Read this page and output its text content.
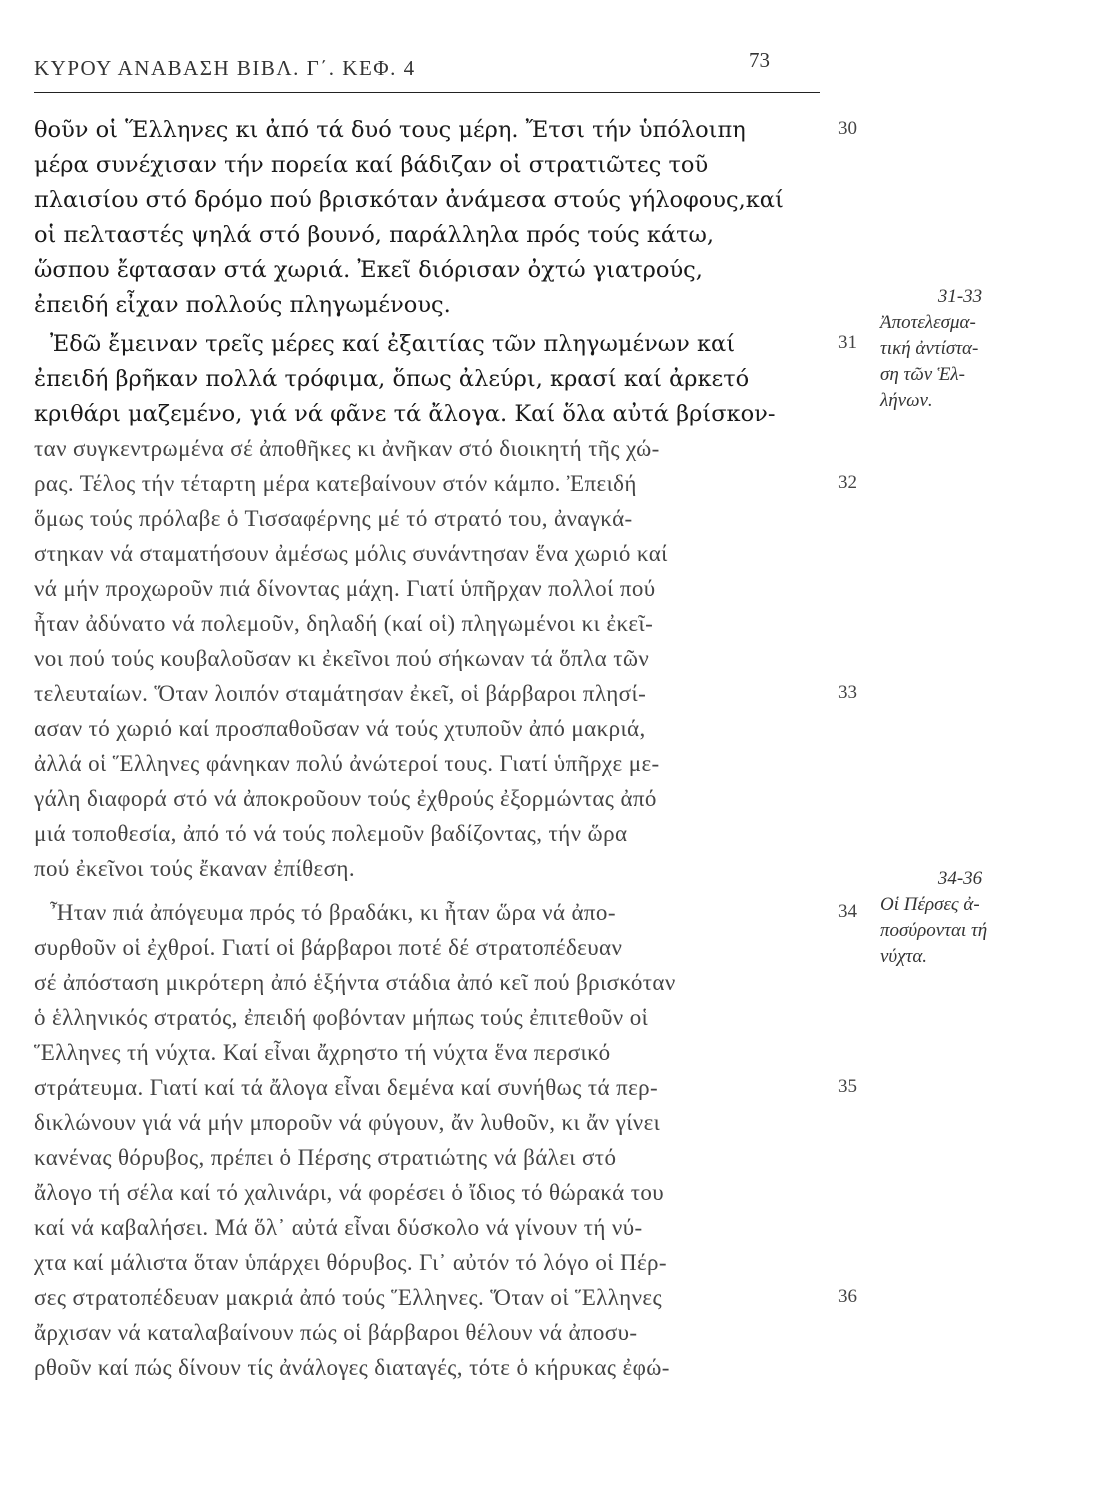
ΚΥΡΟΥ ΑΝΑΒΑΣΗ ΒΙΒΛ. Γ΄. ΚΕΦ. 4	73
θοῦν οἱ Ἕλληνες κι ἀπό τά δυό τους μέρη. Ἔτσι τήν ὑπόλοιπη
μέρα συνέχισαν τήν πορεία καί βάδιζαν οἱ στρατιῶτες τοῦ
πλαισίου στό δρόμο πού βρισκόταν ἀνάμεσα στούς γήλοφους,καί
οἱ πελταστές ψηλά στό βουνό, παράλληλα πρός τούς κάτω,
ὥσπου ἔφτασαν στά χωριά. Ἐκεῖ διόρισαν ὀχτώ γιατρούς,
ἐπειδή εἶχαν πολλούς πληγωμένους.
Ἐδῶ ἔμειναν τρεῖς μέρες καί ἐξαιτίας τῶν πληγωμένων καί
ἐπειδή βρῆκαν πολλά τρόφιμα, ὅπως ἀλεύρι, κρασί καί ἀρκετό
κριθάρι μαζεμένο, γιά νά φᾶνε τά ἄλογα. Καί ὅλα αὐτά βρίσκον-
ταν συγκεντρωμένα σέ ἀποθῆκες κι ἀνῆκαν στό διοικητή τῆς χώ-
ρας. Τέλος τήν τέταρτη μέρα κατεβαίνουν στόν κάμπο. Ἐπειδή
ὅμως τούς πρόλαβε ὁ Τισσαφέρνης μέ τό στρατό του, ἀναγκά-
στηκαν νά σταματήσουν ἀμέσως μόλις συνάντησαν ἕνα χωριό καί
νά μήν προχωροῦν πιά δίνοντας μάχη. Γιατί ὑπῆρχαν πολλοί πού
ἦταν ἀδύνατο νά πολεμοῦν, δηλαδή (καί οἱ) πληγωμένοι κι ἐκεῖ-
νοι πού τούς κουβαλοῦσαν κι ἐκεῖνοι πού σήκωναν τά ὅπλα τῶν
τελευταίων. Ὅταν λοιπόν σταμάτησαν ἐκεῖ, οἱ βάρβαροι πλησί-
ασαν τό χωριό καί προσπαθοῦσαν νά τούς χτυποῦν ἀπό μακριά,
ἀλλά οἱ Ἕλληνες φάνηκαν πολύ ἀνώτεροί τους. Γιατί ὑπῆρχε με-
γάλη διαφορά στό νά ἀποκροῦουν τούς ἐχθρούς ἐξορμώντας ἀπό
μιά τοποθεσία, ἀπό τό νά τούς πολεμοῦν βαδίζοντας, τήν ὥρα
πού ἐκεῖνοι τούς ἔκαναν ἐπίθεση.
Ἦταν πιά ἀπόγευμα πρός τό βραδάκι, κι ἦταν ὥρα νά ἀπο-
συρθοῦν οἱ ἐχθροί. Γιατί οἱ βάρβαροι ποτέ δέ στρατοπέδευαν
σέ ἀπόσταση μικρότερη ἀπό ἑξήντα στάδια ἀπό κεῖ πού βρισκόταν
ὁ ἑλληνικός στρατός, ἐπειδή φοβόνταν μήπως τούς ἐπιτεθοῦν οἱ
Ἕλληνες τή νύχτα. Καί εἶναι ἄχρηστο τή νύχτα ἕνα περσικό
στράτευμα. Γιατί καί τά ἄλογα εἶναι δεμένα καί συνήθως τά περ-
δικλώνουν γιά νά μήν μποροῦν νά φύγουν, ἄν λυθοῦν, κι ἄν γίνει
κανένας θόρυβος, πρέπει ὁ Πέρσης στρατιώτης νά βάλει στό
ἄλογο τή σέλα καί τό χαλινάρι, νά φορέσει ὁ ἴδιος τό θώρακά του
καί νά καβαλήσει. Μά ὅλ᾽ αὐτά εἶναι δύσκολο νά γίνουν τή νύ-
χτα καί μάλιστα ὅταν ὑπάρχει θόρυβος. Γι᾽ αὐτόν τό λόγο οἱ Πέρ-
σες στρατοπέδευαν μακριά ἀπό τούς Ἕλληνες. Ὅταν οἱ Ἕλληνες
ἄρχισαν νά καταλαβαίνουν πώς οἱ βάρβαροι θέλουν νά ἀποσυ-
ρθοῦν καί πώς δίνουν τίς ἀνάλογες διαταγές, τότε ὁ κήρυκας ἐφώ-
30
31
32
33
34
35
36
31-33
Ἀποτελεσμα-
τική ἀντίστα-
ση τῶν Ἑλ-
λήνων.
34-36
Οἱ Πέρσες ἀ-
ποσύρονται τή
νύχτα.
